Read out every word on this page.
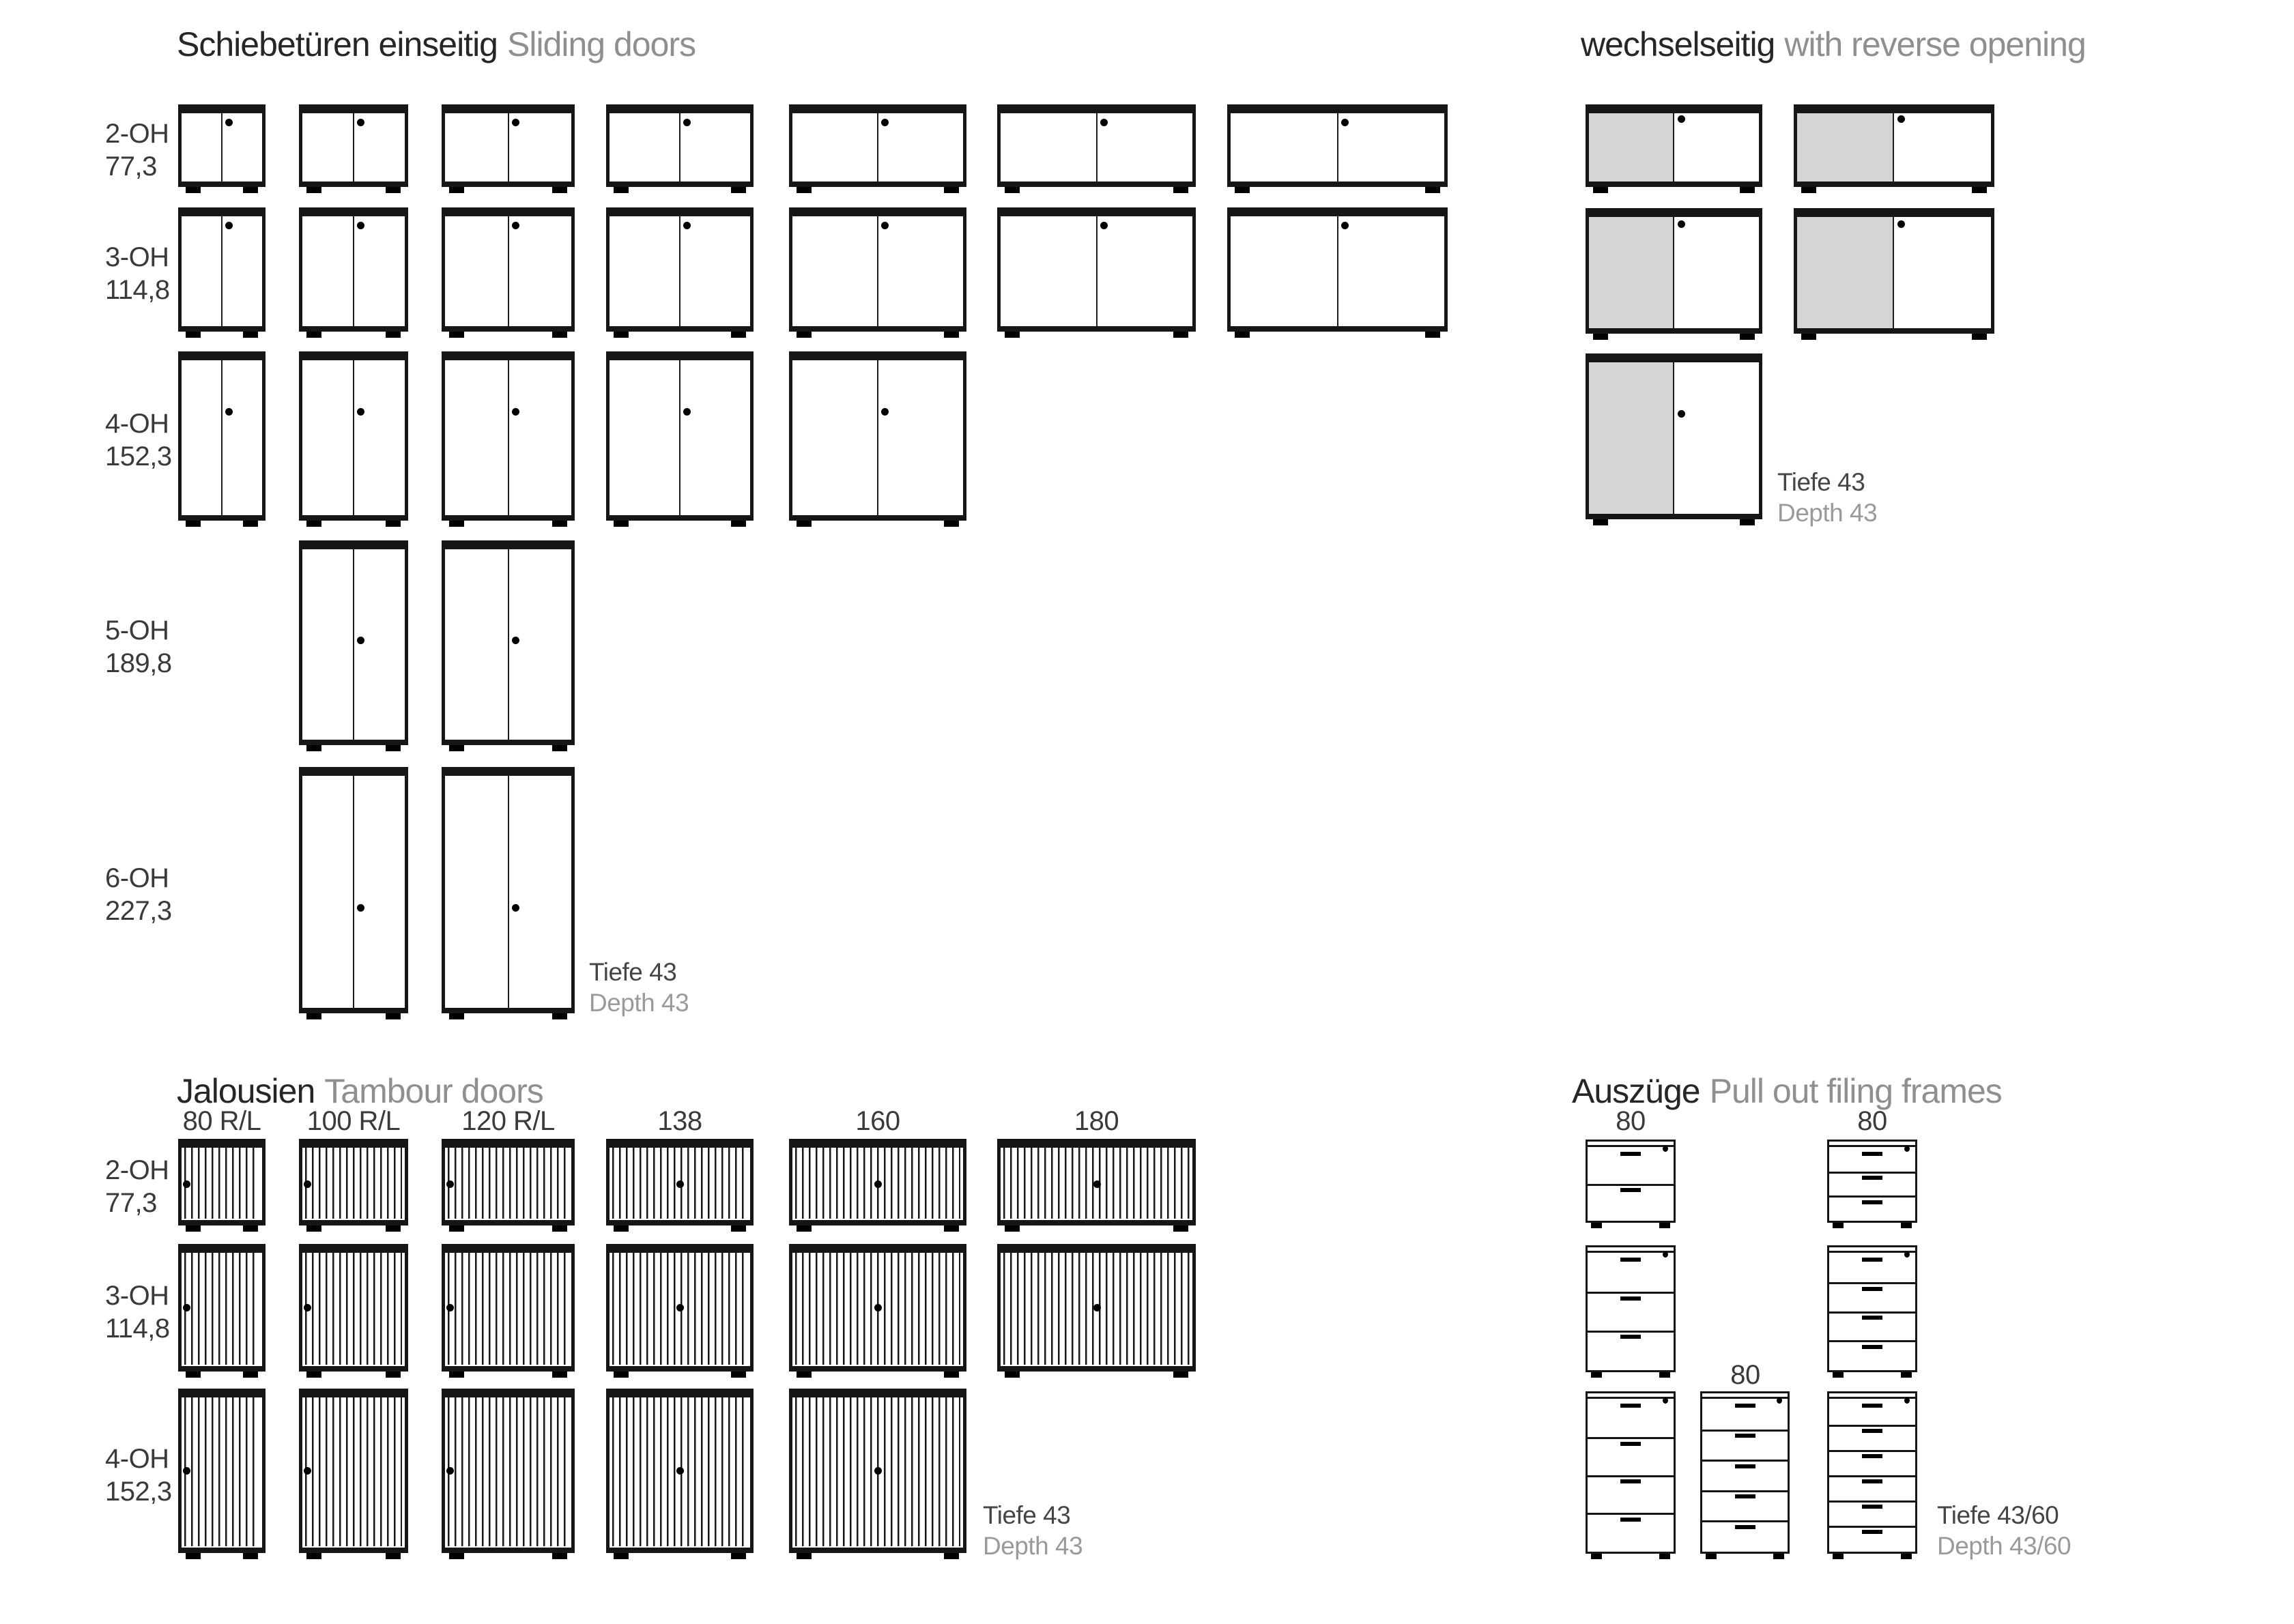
Schiebetüren einseitig Sliding doors	wechselseitig with reverse opening
Jalousien Tambour doors	Auszüge Pull out filing frames
Tiefe 43
Depth 43
Tiefe 43
Depth 43
Tiefe 43
Depth 43
Tiefe 43/60
Depth 43/60
2-OH
77,3
3-OH
114,8
4-OH
152,3
5-OH
189,8
6-OH
227,3
80 R/L 100 R/L 120 R/L	138	160	180
2-OH
77,3
3-OH
114,8
4-OH
152,3
80	80
80
